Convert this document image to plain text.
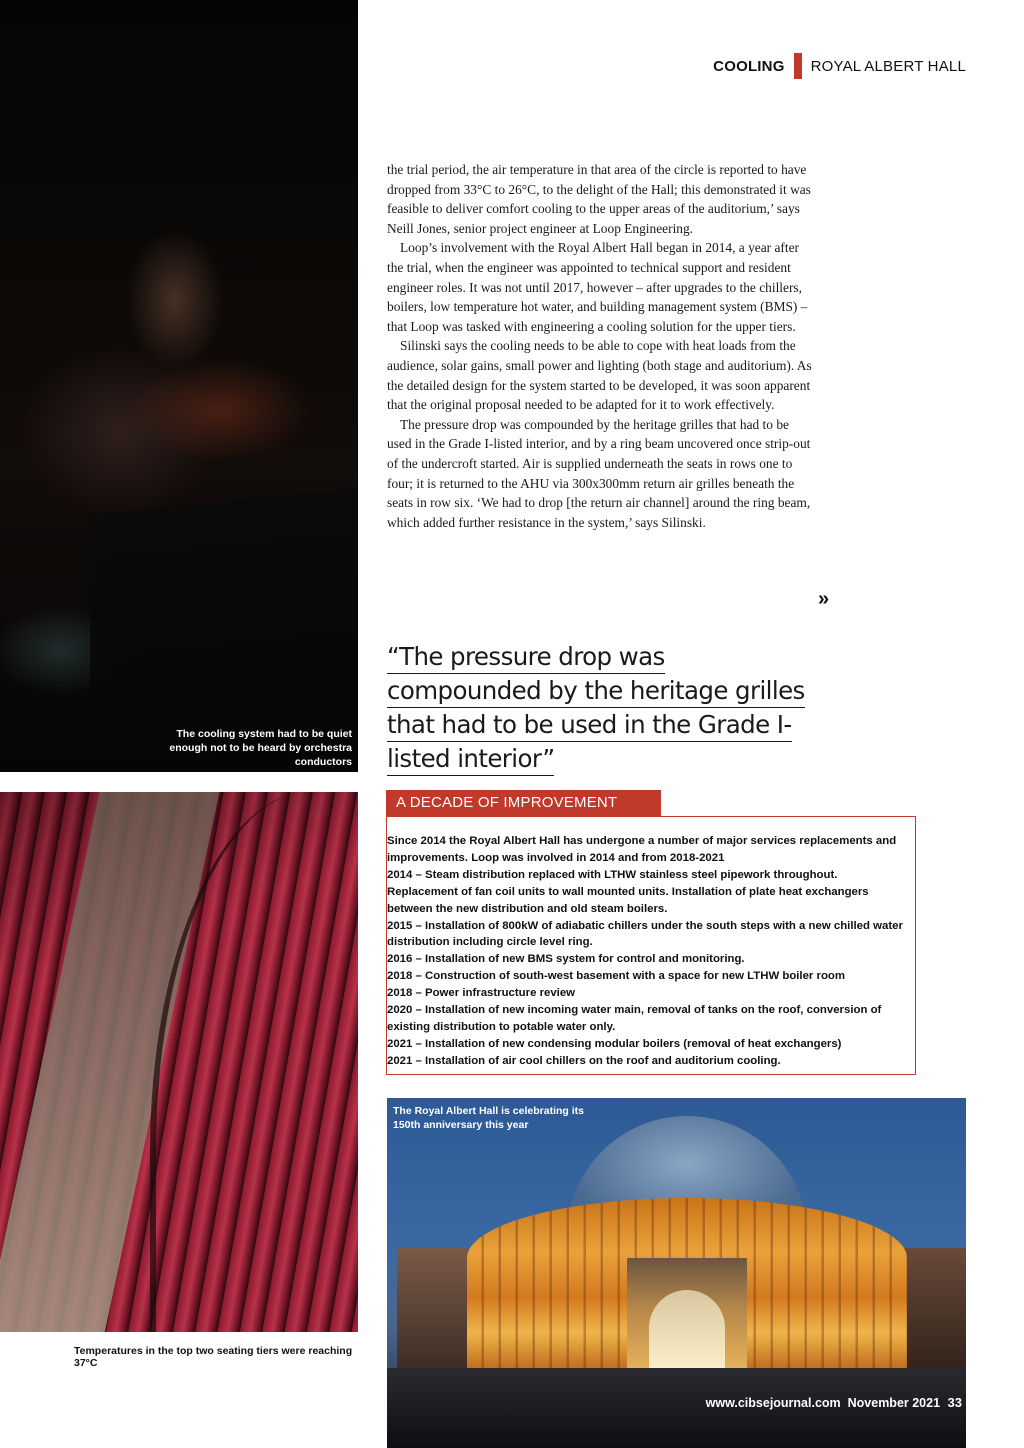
COOLING ROYAL ALBERT HALL
The cooling system had to be quiet enough not to be heard by orchestra conductors
Temperatures in the top two seating tiers were reaching 37°C

the trial period, the air temperature in that area of the circle is reported to have dropped from 33°C to 26°C, to the delight of the Hall; this demonstrated it was feasible to deliver comfort cooling to the upper areas of the auditorium,’ says Neill Jones, senior project engineer at Loop Engineering.

Loop’s involvement with the Royal Albert Hall began in 2014, a year after the trial, when the engineer was appointed to technical support and resident engineer roles. It was not until 2017, however – after upgrades to the chillers, boilers, low temperature hot water, and building management system (BMS) – that Loop was tasked with engineering a cooling solution for the upper tiers.

Silinski says the cooling needs to be able to cope with heat loads from the audience, solar gains, small power and lighting (both stage and auditorium). As the detailed design for the system started to be developed, it was soon apparent that the original proposal needed to be adapted for it to work effectively.

The pressure drop was compounded by the heritage grilles that had to be used in the Grade I-listed interior, and by a ring beam uncovered once strip-out of the undercroft started. Air is supplied underneath the seats in rows one to four; it is returned to the AHU via 300x300mm return air grilles beneath the seats in row six. ‘We had to drop [the return air channel] around the ring beam, which added further resistance in the system,’ says Silinski.

»
“The pressure drop was compounded by the heritage grilles that had to be used in the Grade I-listed interior”
A DECADE OF IMPROVEMENT
Since 2014 the Royal Albert Hall has undergone a number of major services replacements and improvements. Loop was involved in 2014 and from 2018-2021
2014 – Steam distribution replaced with LTHW stainless steel pipework throughout. Replacement of fan coil units to wall mounted units. Installation of plate heat exchangers between the new distribution and old steam boilers.
2015 – Installation of 800kW of adiabatic chillers under the south steps with a new chilled water distribution including circle level ring.
2016 – Installation of new BMS system for control and monitoring.
2018 – Construction of south-west basement with a space for new LTHW boiler room
2018 – Power infrastructure review
2020 – Installation of new incoming water main, removal of tanks on the roof, conversion of existing distribution to potable water only.
2021 – Installation of new condensing modular boilers (removal of heat exchangers)
2021 – Installation of air cool chillers on the roof and auditorium cooling.
The Royal Albert Hall is celebrating its 150th anniversary this year
www.cibsejournal.com November 2021 33
